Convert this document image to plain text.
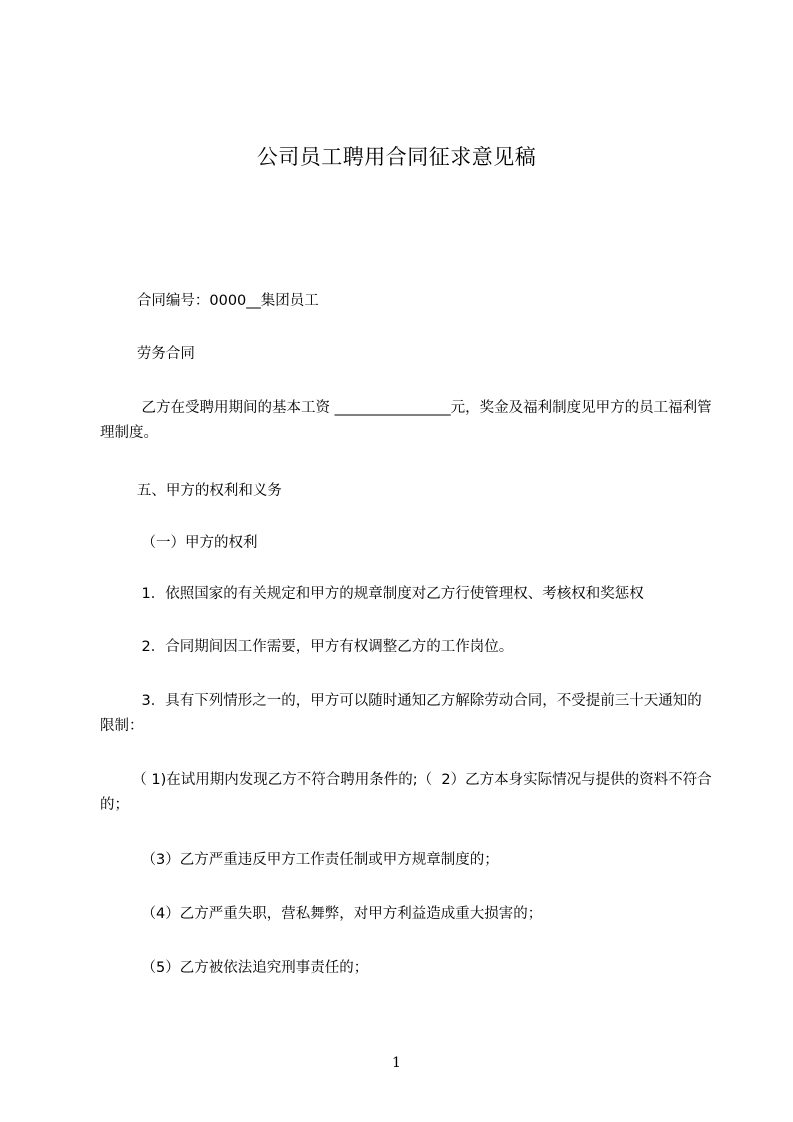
公司员工聘用合同征求意见稿
合同编号：0000__集团员工
劳务合同
乙方在受聘用期间的基本工资 ________________元，奖金及福利制度见甲方的员工福利管理制度。
五、甲方的权利和义务
（一）甲方的权利
1．依照国家的有关规定和甲方的规章制度对乙方行使管理权、考核权和奖惩权
2．合同期间因工作需要，甲方有权调整乙方的工作岗位。
3．具有下列情形之一的，甲方可以随时通知乙方解除劳动合同，不受提前三十天通知的限制：
（ 1)在试用期内发现乙方不符合聘用条件的;（  2）乙方本身实际情况与提供的资料不符合的；
（3）乙方严重违反甲方工作责任制或甲方规章制度的；
（4）乙方严重失职，营私舞弊，对甲方利益造成重大损害的；
（5）乙方被依法追究刑事责任的；
1
